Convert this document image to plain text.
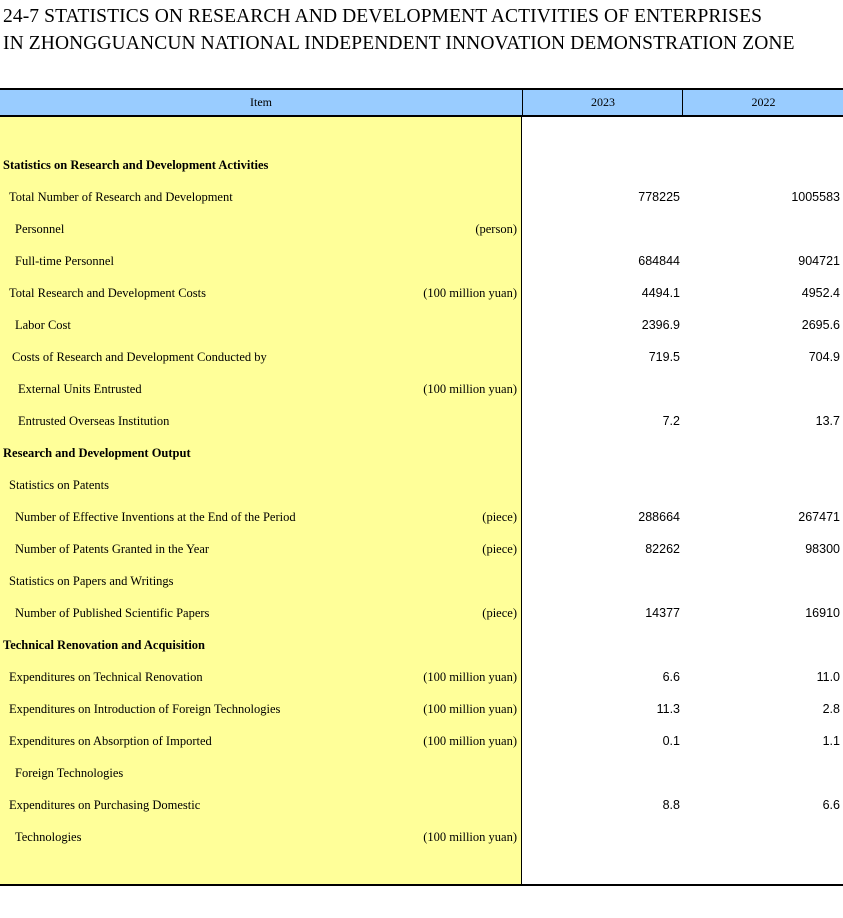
24-7 STATISTICS ON RESEARCH AND DEVELOPMENT ACTIVITIES OF ENTERPRISES
IN ZHONGGUANCUN NATIONAL INDEPENDENT INNOVATION DEMONSTRATION ZONE
Item	2023	2022
Statistics on Research and Development Activities
Total Number of Research and Development	778225	1005583
Personnel	(person)
Full-time Personnel	684844	904721
Total Research and Development Costs	(100 million yuan)	4494.1	4952.4
Labor Cost	2396.9	2695.6
Costs of Research and Development Conducted by	719.5	704.9
External Units Entrusted	(100 million yuan)
Entrusted Overseas Institution	7.2	13.7
Research and Development Output
Statistics on Patents
Number of Effective Inventions at the End of the Period	(piece)	288664	267471
Number of Patents Granted in the Year	(piece)	82262	98300
Statistics on Papers and Writings
Number of Published Scientific Papers	(piece)	14377	16910
Technical Renovation and Acquisition
Expenditures on Technical Renovation	(100 million yuan)	6.6	11.0
Expenditures on Introduction of Foreign Technologies	(100 million yuan)	11.3	2.8
Expenditures on Absorption of Imported	(100 million yuan)	0.1	1.1
Foreign Technologies
Expenditures on Purchasing Domestic	8.8	6.6
Technologies	(100 million yuan)
